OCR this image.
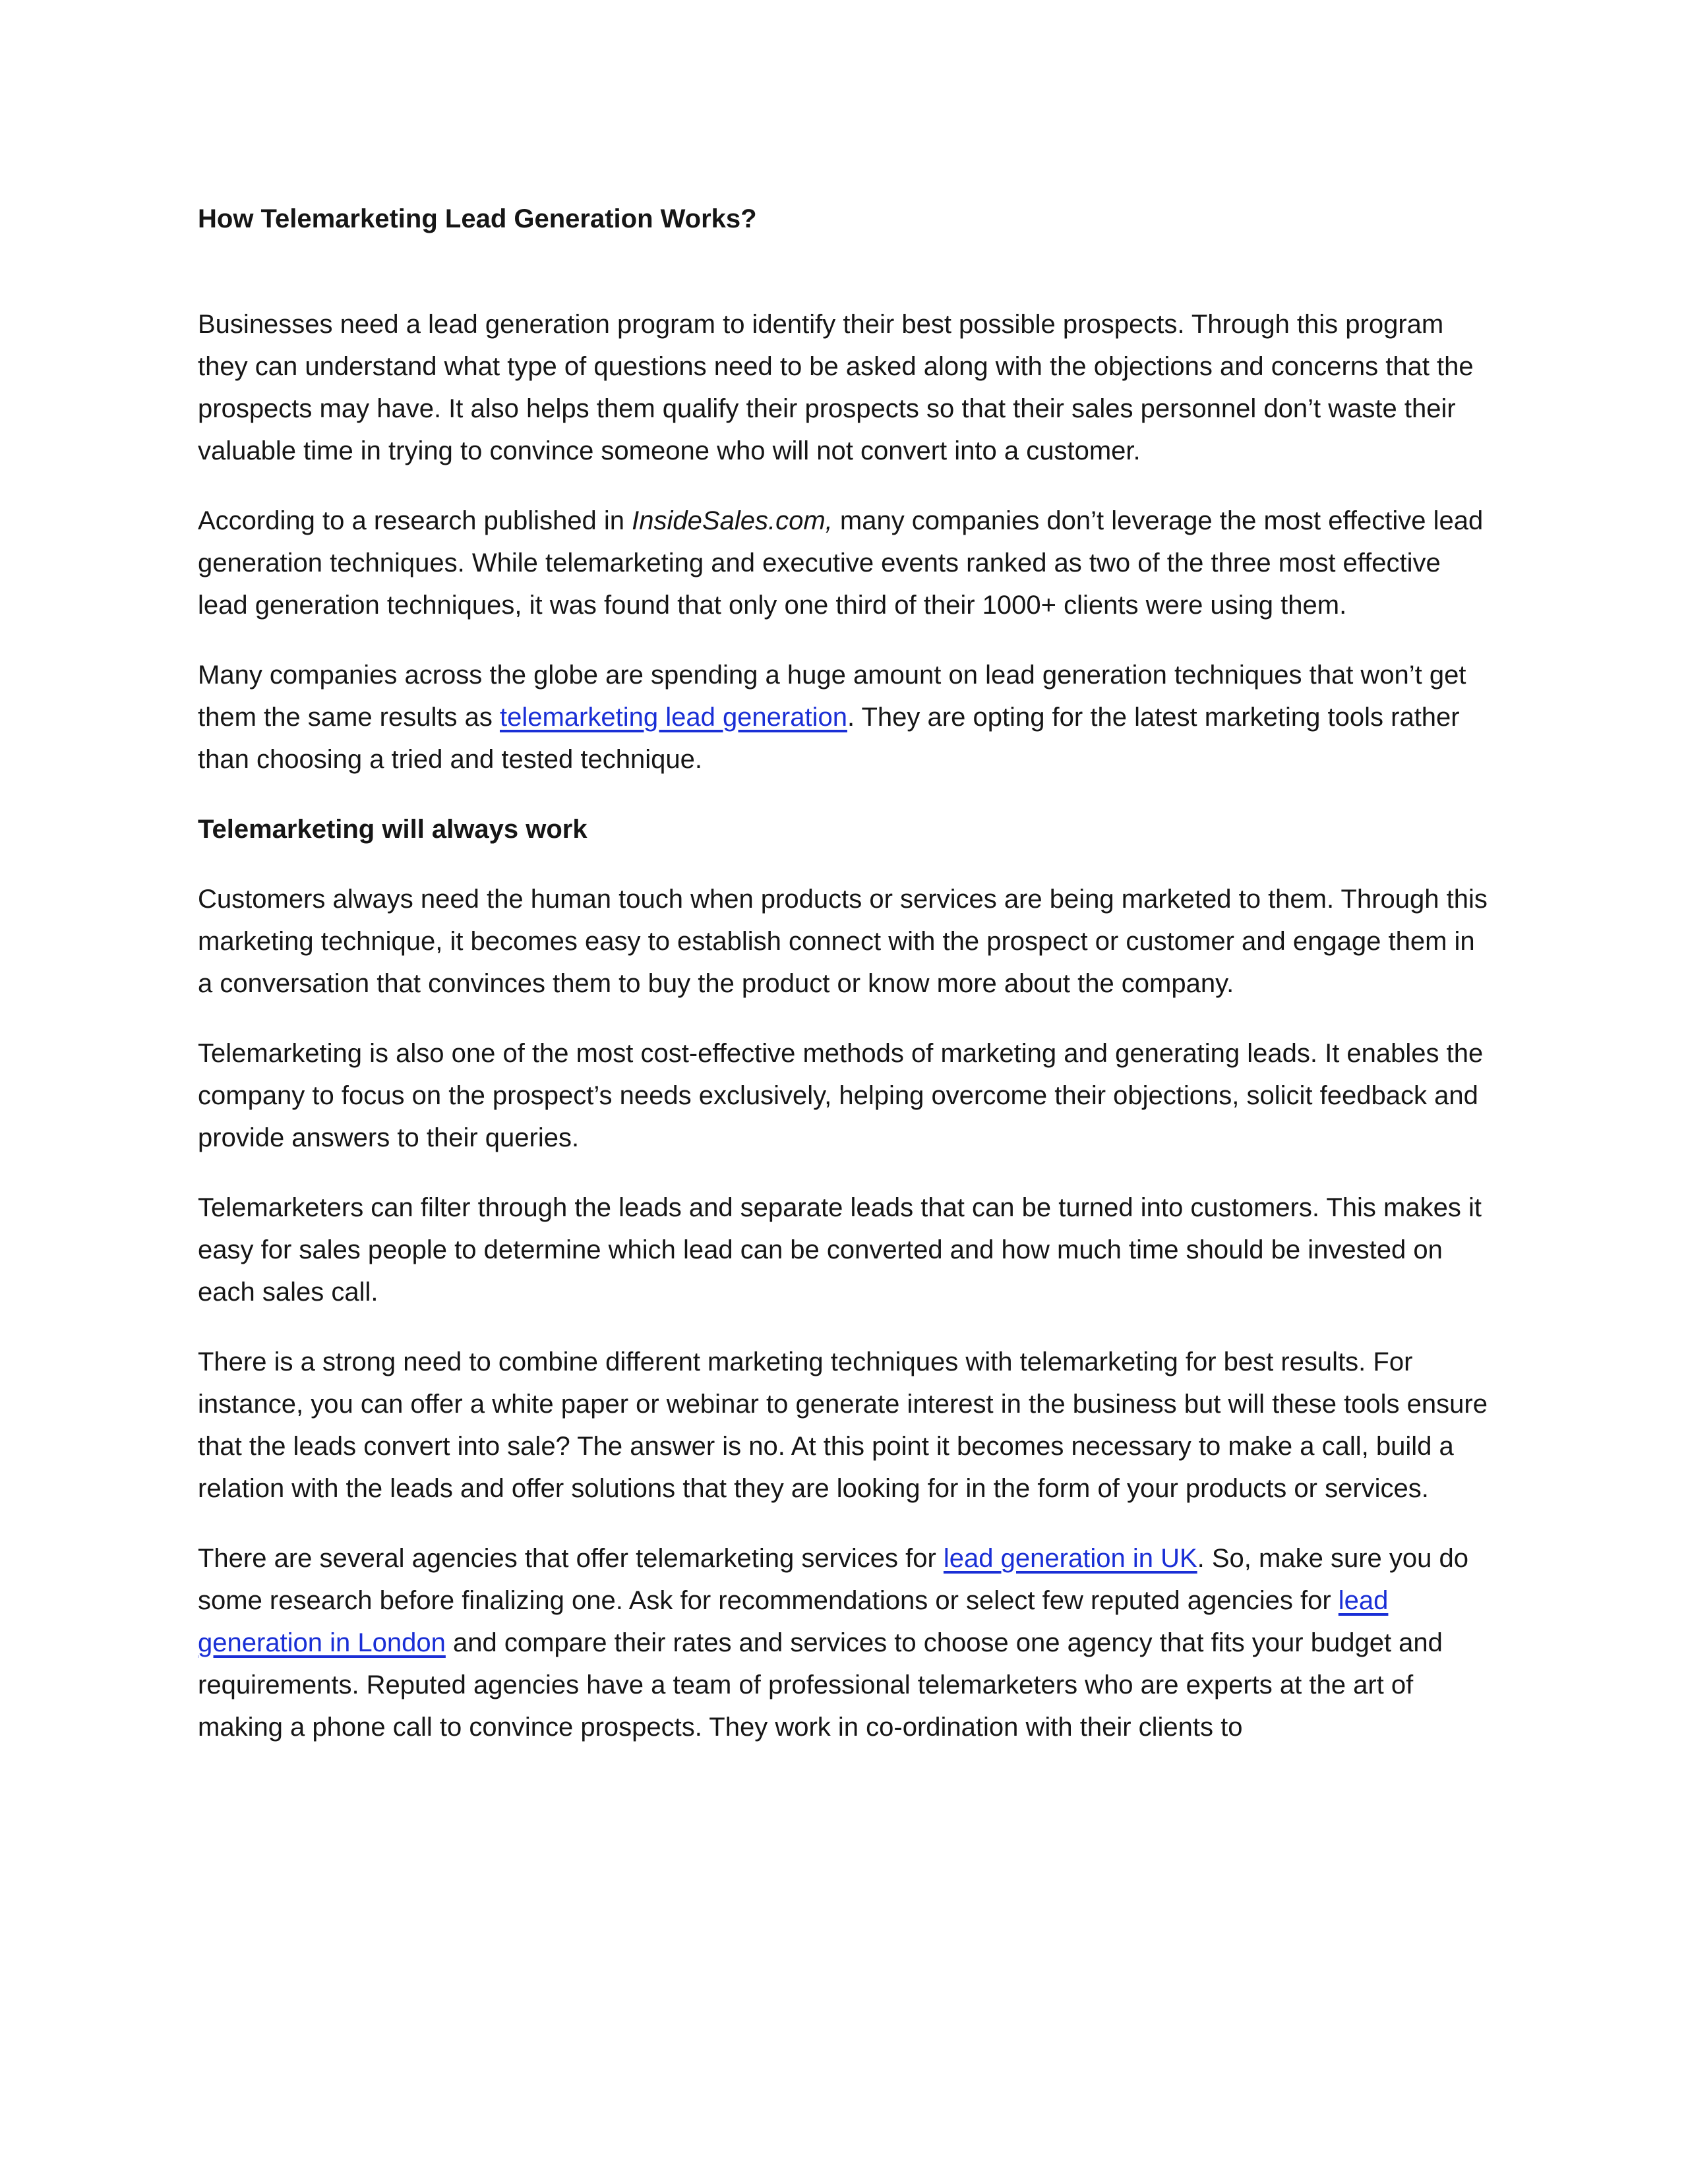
How Telemarketing Lead Generation Works?

Businesses need a lead generation program to identify their best possible prospects. Through this program they can understand what type of questions need to be asked along with the objections and concerns that the prospects may have. It also helps them qualify their prospects so that their sales personnel don’t waste their valuable time in trying to convince someone who will not convert into a customer.

According to a research published in InsideSales.com, many companies don’t leverage the most effective lead generation techniques. While telemarketing and executive events ranked as two of the three most effective lead generation techniques, it was found that only one third of their 1000+ clients were using them.

Many companies across the globe are spending a huge amount on lead generation techniques that won’t get them the same results as telemarketing lead generation. They are opting for the latest marketing tools rather than choosing a tried and tested technique.

Telemarketing will always work

Customers always need the human touch when products or services are being marketed to them. Through this marketing technique, it becomes easy to establish connect with the prospect or customer and engage them in a conversation that convinces them to buy the product or know more about the company.

Telemarketing is also one of the most cost-effective methods of marketing and generating leads. It enables the company to focus on the prospect’s needs exclusively, helping overcome their objections, solicit feedback and provide answers to their queries.

Telemarketers can filter through the leads and separate leads that can be turned into customers. This makes it easy for sales people to determine which lead can be converted and how much time should be invested on each sales call.

There is a strong need to combine different marketing techniques with telemarketing for best results. For instance, you can offer a white paper or webinar to generate interest in the business but will these tools ensure that the leads convert into sale? The answer is no. At this point it becomes necessary to make a call, build a relation with the leads and offer solutions that they are looking for in the form of your products or services.

There are several agencies that offer telemarketing services for lead generation in UK. So, make sure you do some research before finalizing one. Ask for recommendations or select few reputed agencies for lead generation in London and compare their rates and services to choose one agency that fits your budget and requirements. Reputed agencies have a team of professional telemarketers who are experts at the art of making a phone call to convince prospects. They work in co-ordination with their clients to
